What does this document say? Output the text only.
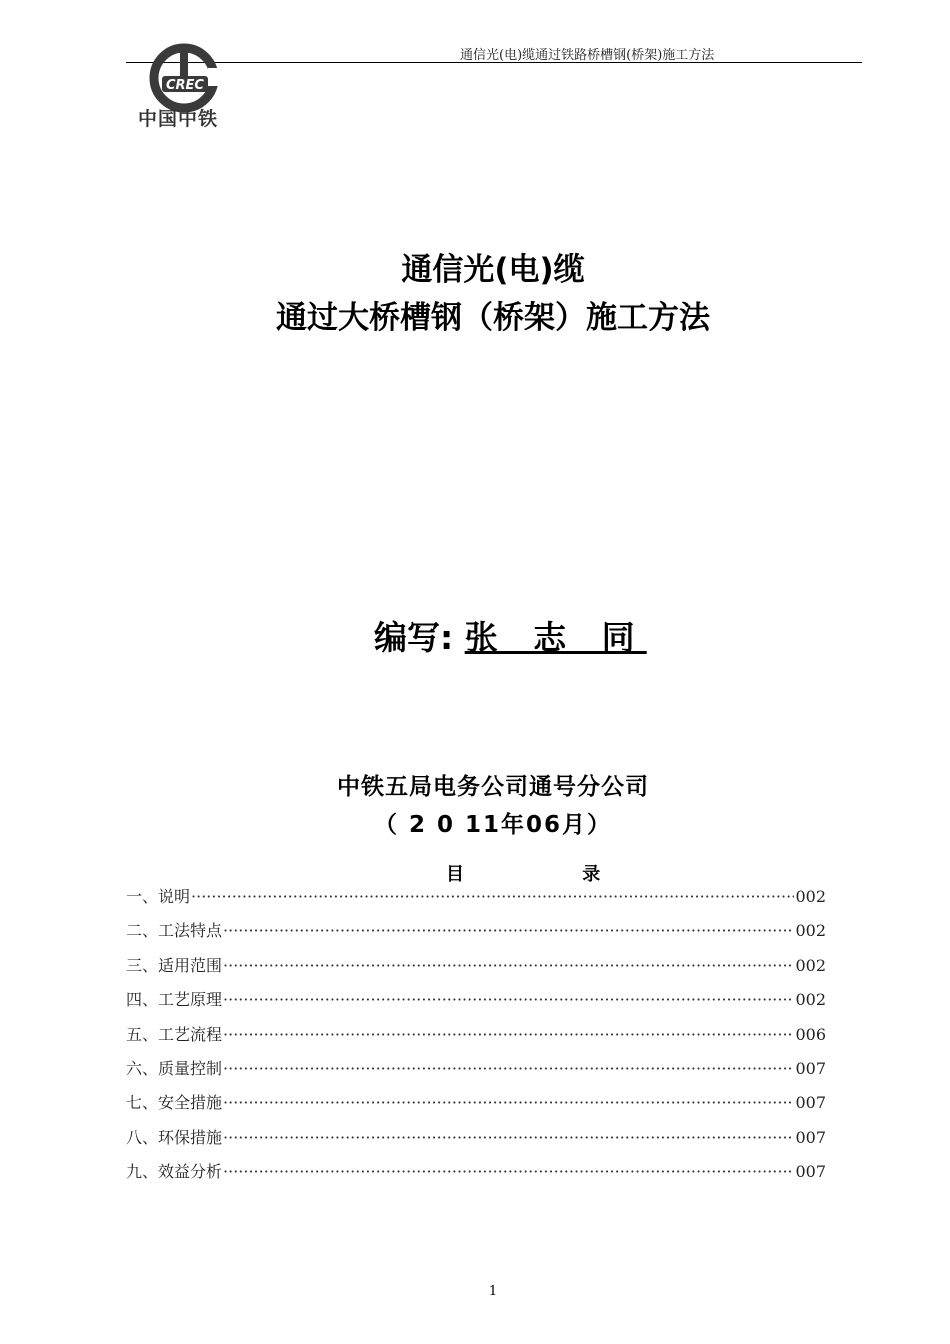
通信光(电)缆通过铁路桥槽钢(桥架)施工方法
CREC
中国中铁
通信光(电)缆
通过大桥槽钢（桥架）施工方法
编写: 张 志 同
中铁五局电务公司通号分公司
（ 2 0 11年06月）
目 录
一、说明 ·····	002
二、工法特点 ·····	002
三、适用范围 ·····	002
四、工艺原理 ·····	002
五、工艺流程 ·····	006
六、质量控制 ·····	007
七、安全措施 ·····	007
八、环保措施 ·····	007
九、效益分析 ·····	007
1
